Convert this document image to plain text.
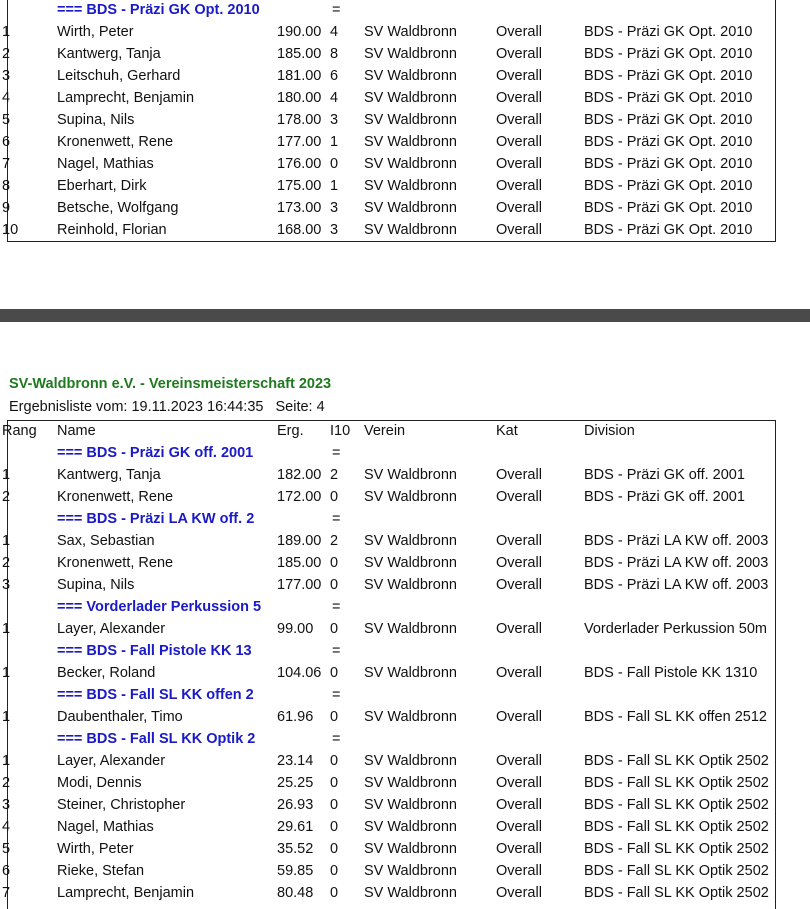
=== BDS - Präzi GK Opt. 2010	=
1	Wirth, Peter	190.00 4 SV Waldbronn	Overall	BDS - Präzi GK Opt. 2010
2	Kantwerg, Tanja	185.00 8 SV Waldbronn	Overall	BDS - Präzi GK Opt. 2010
3	Leitschuh, Gerhard	181.00 6 SV Waldbronn	Overall	BDS - Präzi GK Opt. 2010
4	Lamprecht, Benjamin	180.00 4 SV Waldbronn	Overall	BDS - Präzi GK Opt. 2010
5	Supina, Nils	178.00 3 SV Waldbronn	Overall	BDS - Präzi GK Opt. 2010
6	Kronenwett, Rene	177.00 1 SV Waldbronn	Overall	BDS - Präzi GK Opt. 2010
7	Nagel, Mathias	176.00 0 SV Waldbronn	Overall	BDS - Präzi GK Opt. 2010
8	Eberhart, Dirk	175.00 1 SV Waldbronn	Overall	BDS - Präzi GK Opt. 2010
9	Betsche, Wolfgang	173.00 3 SV Waldbronn	Overall	BDS - Präzi GK Opt. 2010
10	Reinhold, Florian	168.00 3 SV Waldbronn	Overall	BDS - Präzi GK Opt. 2010
SV-Waldbronn e.V. - Vereinsmeisterschaft 2023
Ergebnisliste vom: 19.11.2023 16:44:35 Seite: 4
Rang Name	Erg. I10 Verein	Kat	Division
=== BDS - Präzi GK off. 2001	=
1	Kantwerg, Tanja	182.00 2 SV Waldbronn	Overall	BDS - Präzi GK off. 2001
2	Kronenwett, Rene	172.00 0 SV Waldbronn	Overall	BDS - Präzi GK off. 2001
=== BDS - Präzi LA KW off. 2	=
1	Sax, Sebastian	189.00 2 SV Waldbronn	Overall	BDS - Präzi LA KW off. 2003
2	Kronenwett, Rene	185.00 0 SV Waldbronn	Overall	BDS - Präzi LA KW off. 2003
3	Supina, Nils	177.00 0 SV Waldbronn	Overall	BDS - Präzi LA KW off. 2003
=== Vorderlader Perkussion 5	=
1	Layer, Alexander	99.00 0 SV Waldbronn	Overall	Vorderlader Perkussion 50m
=== BDS - Fall Pistole KK 13	=
1	Becker, Roland	104.06 0 SV Waldbronn	Overall	BDS - Fall Pistole KK 1310
=== BDS - Fall SL KK offen 2	=
1	Daubenthaler, Timo	61.96 0 SV Waldbronn	Overall	BDS - Fall SL KK offen 2512
=== BDS - Fall SL KK Optik 2	=
1	Layer, Alexander	23.14 0 SV Waldbronn	Overall	BDS - Fall SL KK Optik 2502
2	Modi, Dennis	25.25 0 SV Waldbronn	Overall	BDS - Fall SL KK Optik 2502
3	Steiner, Christopher	26.93 0 SV Waldbronn	Overall	BDS - Fall SL KK Optik 2502
4	Nagel, Mathias	29.61 0 SV Waldbronn	Overall	BDS - Fall SL KK Optik 2502
5	Wirth, Peter	35.52 0 SV Waldbronn	Overall	BDS - Fall SL KK Optik 2502
6	Rieke, Stefan	59.85 0 SV Waldbronn	Overall	BDS - Fall SL KK Optik 2502
7	Lamprecht, Benjamin	80.48 0 SV Waldbronn	Overall	BDS - Fall SL KK Optik 2502
